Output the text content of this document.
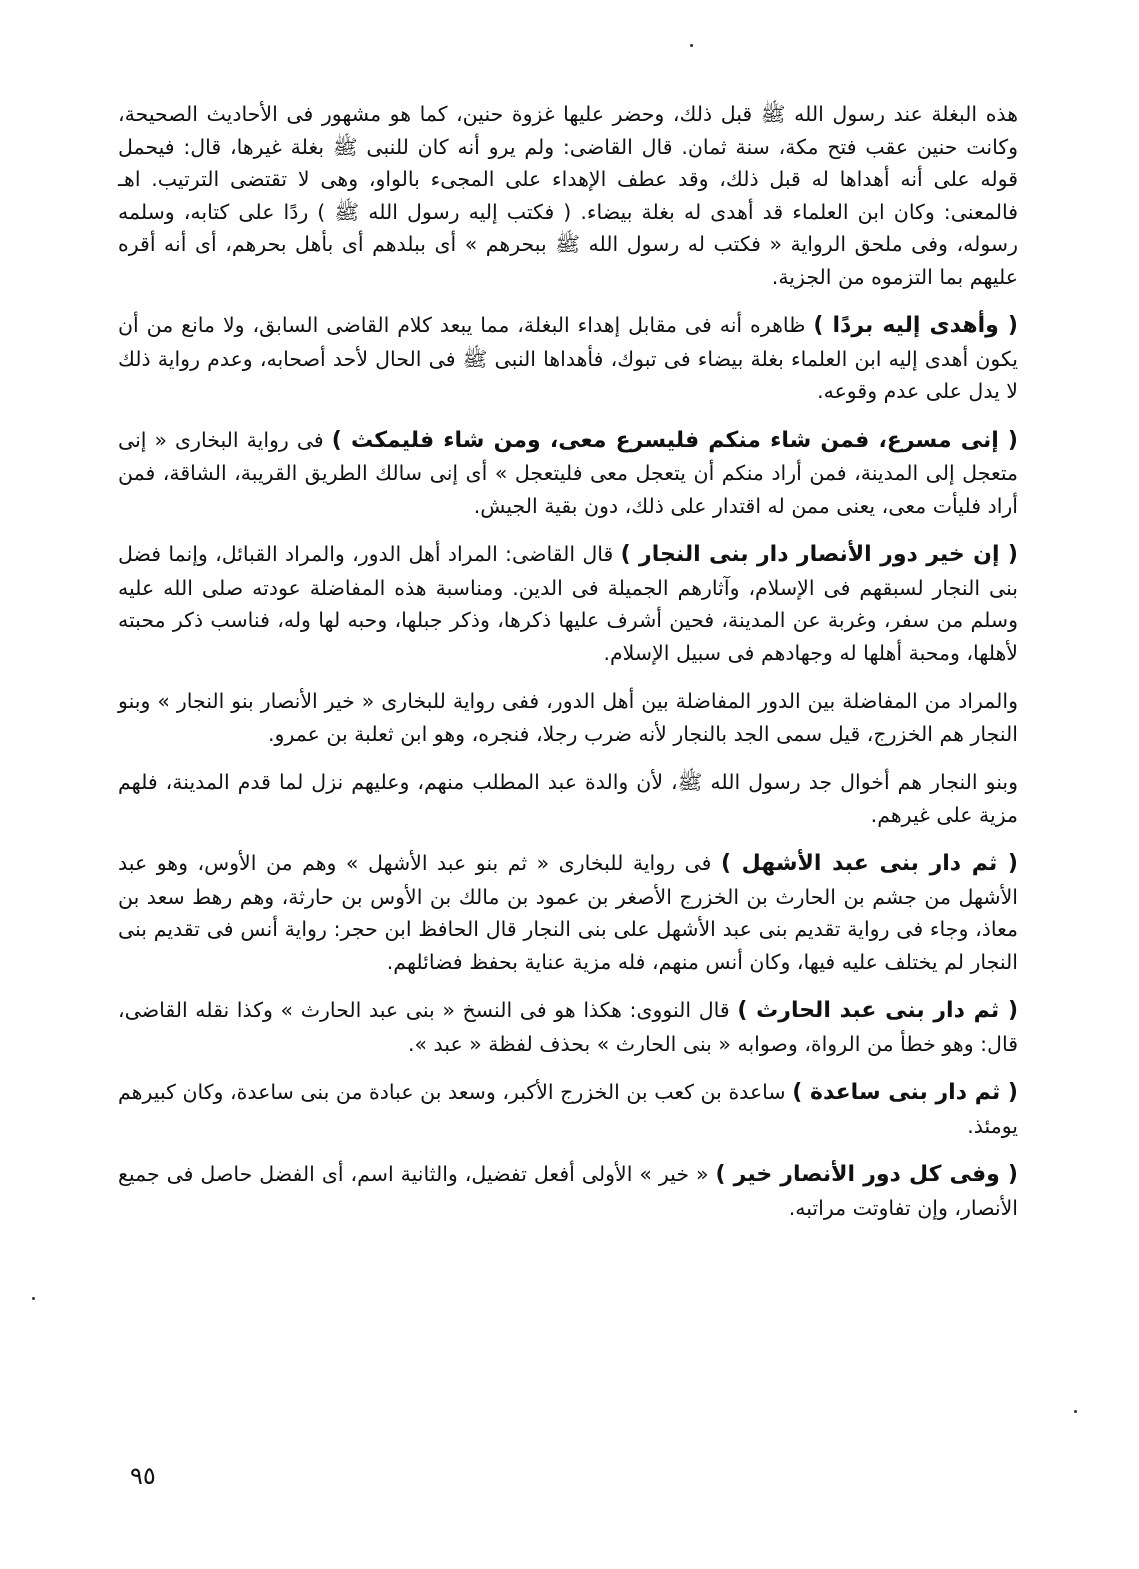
هذه البغلة عند رسول الله ﷺ قبل ذلك، وحضر عليها غزوة حنين، كما هو مشهور فى الأحاديث الصحيحة، وكانت حنين عقب فتح مكة، سنة ثمان. قال القاضى: ولم يرو أنه كان للنبى ﷺ بغلة غيرها، قال: فيحمل قوله على أنه أهداها له قبل ذلك، وقد عطف الإهداء على المجىء بالواو، وهى لا تقتضى الترتيب. اهـ فالمعنى: وكان ابن العلماء قد أهدى له بغلة بيضاء. ( فكتب إليه رسول الله ﷺ ) ردًا على كتابه، وسلمه رسوله، وفى ملحق الرواية « فكتب له رسول الله ﷺ ببحرهم » أى ببلدهم أى بأهل بحرهم، أى أنه أقره عليهم بما التزموه من الجزية.

( وأهدى إليه بردًا ) ظاهره أنه فى مقابل إهداء البغلة، مما يبعد كلام القاضى السابق، ولا مانع من أن يكون أهدى إليه ابن العلماء بغلة بيضاء فى تبوك، فأهداها النبى ﷺ فى الحال لأحد أصحابه، وعدم رواية ذلك لا يدل على عدم وقوعه.

( إنى مسرع، فمن شاء منكم فليسرع معى، ومن شاء فليمكث ) فى رواية البخارى « إنى متعجل إلى المدينة، فمن أراد منكم أن يتعجل معى فليتعجل » أى إنى سالك الطريق القريبة، الشاقة، فمن أراد فليأت معى، يعنى ممن له اقتدار على ذلك، دون بقية الجيش.

( إن خير دور الأنصار دار بنى النجار ) قال القاضى: المراد أهل الدور، والمراد القبائل، وإنما فضل بنى النجار لسبقهم فى الإسلام، وآثارهم الجميلة فى الدين. ومناسبة هذه المفاضلة عودته صلى الله عليه وسلم من سفر، وغربة عن المدينة، فحين أشرف عليها ذكرها، وذكر جبلها، وحبه لها وله، فناسب ذكر محبته لأهلها، ومحبة أهلها له وجهادهم فى سبيل الإسلام.

والمراد من المفاضلة بين الدور المفاضلة بين أهل الدور، ففى رواية للبخارى « خير الأنصار بنو النجار » وبنو النجار هم الخزرج، قيل سمى الجد بالنجار لأنه ضرب رجلا، فنجره، وهو ابن ثعلبة بن عمرو.

وبنو النجار هم أخوال جد رسول الله ﷺ، لأن والدة عبد المطلب منهم، وعليهم نزل لما قدم المدينة، فلهم مزية على غيرهم.

( ثم دار بنى عبد الأشهل ) فى رواية للبخارى « ثم بنو عبد الأشهل » وهم من الأوس، وهو عبد الأشهل من جشم بن الحارث بن الخزرج الأصغر بن عمود بن مالك بن الأوس بن حارثة، وهم رهط سعد بن معاذ، وجاء فى رواية تقديم بنى عبد الأشهل على بنى النجار قال الحافظ ابن حجر: رواية أنس فى تقديم بنى النجار لم يختلف عليه فيها، وكان أنس منهم، فله مزية عناية بحفظ فضائلهم.

( ثم دار بنى عبد الحارث ) قال النووى: هكذا هو فى النسخ « بنى عبد الحارث » وكذا نقله القاضى، قال: وهو خطأ من الرواة، وصوابه « بنى الحارث » بحذف لفظة « عبد ».

( ثم دار بنى ساعدة ) ساعدة بن كعب بن الخزرج الأكبر، وسعد بن عبادة من بنى ساعدة، وكان كبيرهم يومئذ.

( وفى كل دور الأنصار خير ) « خير » الأولى أفعل تفضيل، والثانية اسم، أى الفضل حاصل فى جميع الأنصار، وإن تفاوتت مراتبه.

٩٥
